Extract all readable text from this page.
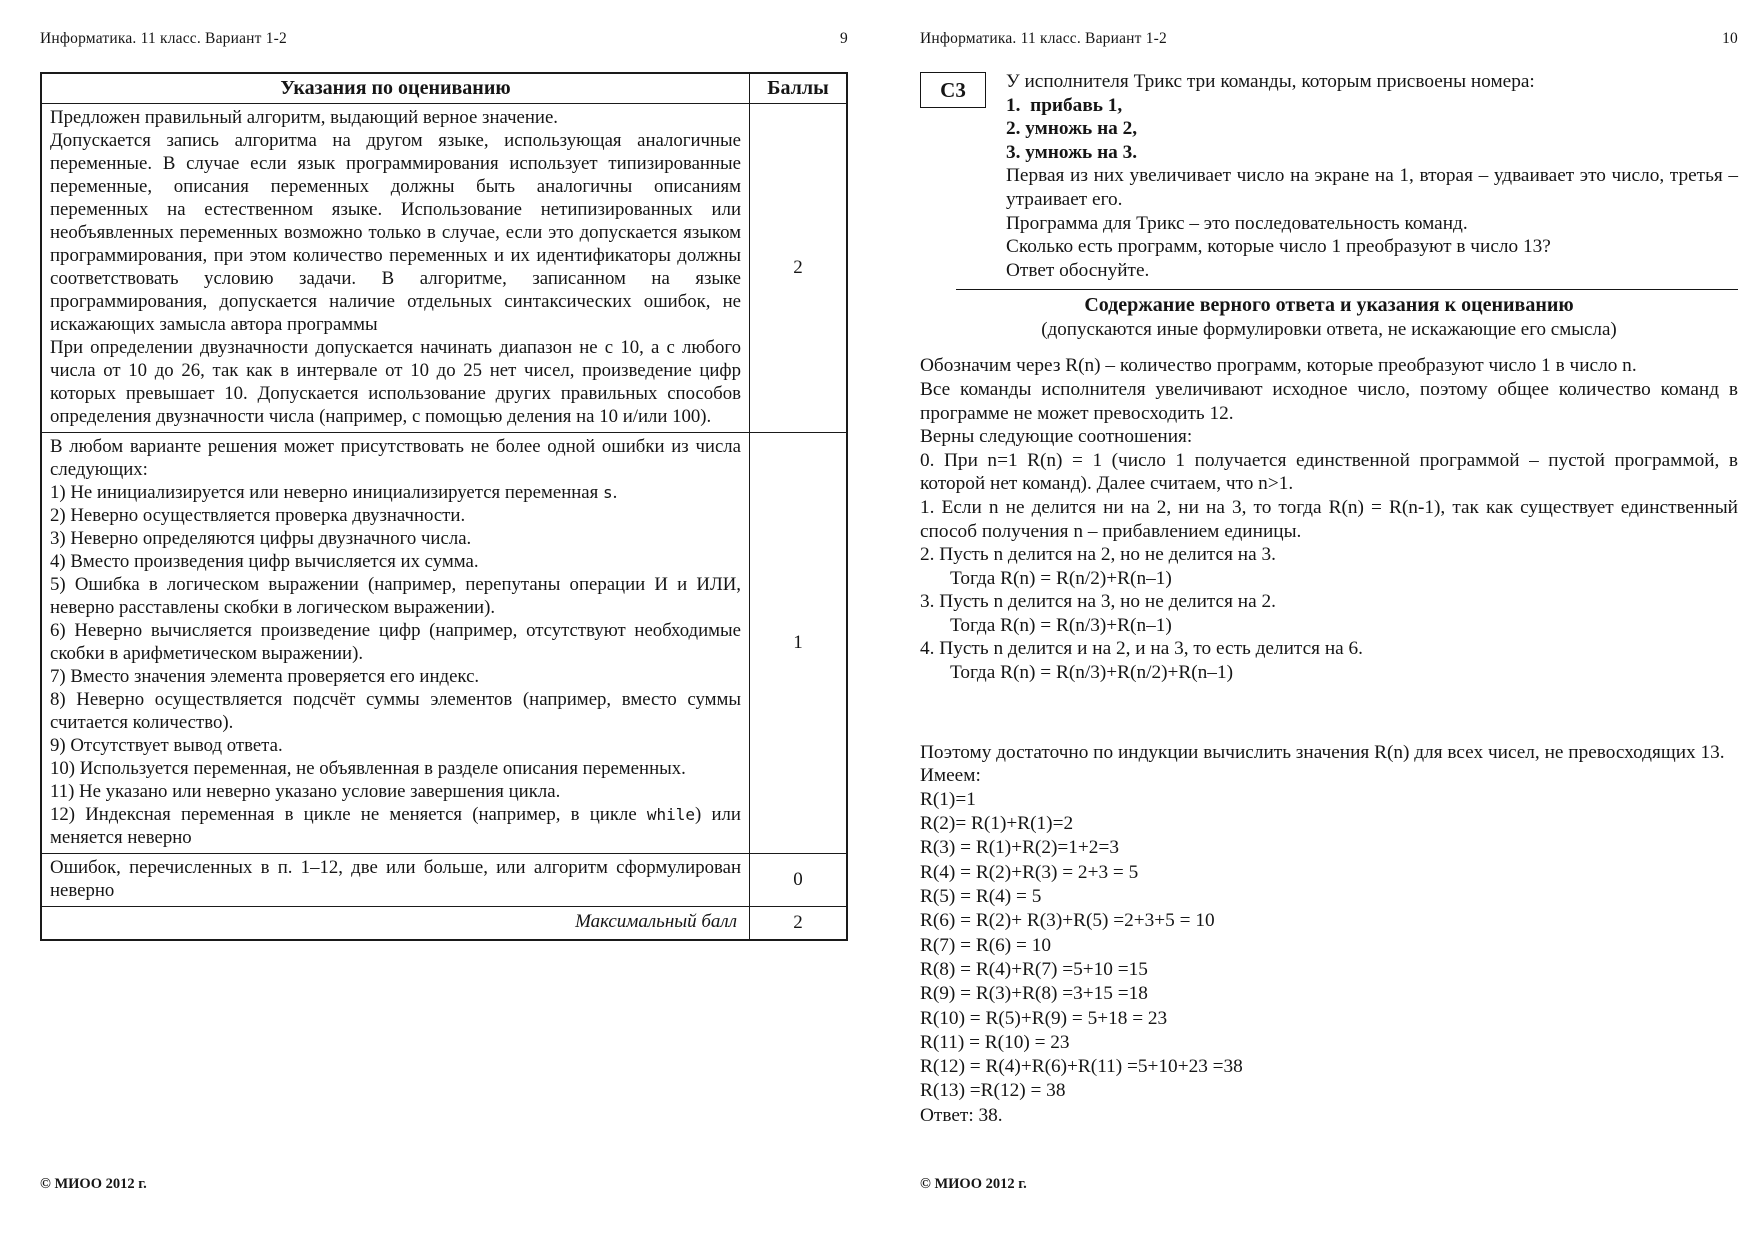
Информатика. 11 класс. Вариант 1-2	9
Указания по оцениванию	Баллы

Предложен правильный алгоритм, выдающий верное значение.

Допускается запись алгоритма на другом языке, использующая аналогичные переменные. В случае если язык программирования использует типизированные переменные, описания переменных должны быть аналогичны описаниям переменных на естественном языке. Использование нетипизированных или необъявленных переменных возможно только в случае, если это допускается языком программирования, при этом количество переменных и их идентификаторы должны соответствовать условию задачи. В алгоритме, записанном на языке программирования, допускается наличие отдельных синтаксических ошибок, не искажающих замысла автора программы

При определении двузначности допускается начинать диапазон не с 10, а с любого числа от 10 до 26, так как в интервале от 10 до 25 нет чисел, произведение цифр которых превышает 10. Допускается использование других правильных способов определения двузначности числа (например, с помощью деления на 10 и/или 100).	2

В любом варианте решения может присутствовать не более одной ошибки из числа следующих:

1) Не инициализируется или неверно инициализируется переменная s.

2) Неверно осуществляется проверка двузначности.

3) Неверно определяются цифры двузначного числа.

4) Вместо произведения цифр вычисляется их сумма.

5) Ошибка в логическом выражении (например, перепутаны операции И и ИЛИ, неверно расставлены скобки в логическом выражении).

6) Неверно вычисляется произведение цифр (например, отсутствуют необходимые скобки в арифметическом выражении).

7) Вместо значения элемента проверяется его индекс.

8) Неверно осуществляется подсчёт суммы элементов (например, вместо суммы считается количество).

9) Отсутствует вывод ответа.

10) Используется переменная, не объявленная в разделе описания переменных.

11) Не указано или неверно указано условие завершения цикла.

12) Индексная переменная в цикле не меняется (например, в цикле while) или меняется неверно

	1

Ошибок, перечисленных в п. 1–12, две или больше, или алгоритм сформулирован неверно	0
Максимальный балл	2
© МИОО 2012 г.
Информатика. 11 класс. Вариант 1-2	10
С3	У исполнителя Трикс три команды, которым присвоены номера:

1.  прибавь 1,

2. умножь на 2,

3. умножь на 3.

Первая из них увеличивает число на экране на 1, вторая – удваивает это число, третья – утраивает его.

Программа для Трикс – это последовательность команд.

Сколько есть программ, которые число 1 преобразуют в число 13?

Ответ обоснуйте.

Содержание верного ответа и указания к оцениванию
(допускаются иные формулировки ответа, не искажающие его смысла)

Обозначим через R(n) – количество программ, которые преобразуют число 1 в число n.

Все команды исполнителя увеличивают исходное число, поэтому общее количество команд в программе не может превосходить 12.

Верны следующие соотношения:

0. При n=1 R(n) = 1 (число 1 получается единственной программой – пустой программой, в которой нет команд). Далее считаем, что n>1.

1. Если n не делится ни на 2, ни на 3, то тогда R(n) = R(n-1), так как существует единственный способ получения n – прибавлением единицы.

2. Пусть n делится на 2, но не делится на 3.

Тогда R(n) = R(n/2)+R(n–1)

3. Пусть n делится на 3, но не делится на 2.

Тогда R(n) = R(n/3)+R(n–1)

4. Пусть n делится и на 2, и на 3, то есть делится на 6.

Тогда R(n) = R(n/3)+R(n/2)+R(n–1)

Поэтому достаточно по индукции вычислить значения R(n) для всех чисел, не превосходящих 13.

Имеем:

R(1)=1
R(2)= R(1)+R(1)=2
R(3) = R(1)+R(2)=1+2=3
R(4) = R(2)+R(3) = 2+3 = 5
R(5) = R(4) = 5
R(6) = R(2)+ R(3)+R(5) =2+3+5 = 10
R(7) = R(6) = 10
R(8) = R(4)+R(7) =5+10 =15
R(9) = R(3)+R(8) =3+15 =18
R(10) = R(5)+R(9) = 5+18 = 23
R(11) = R(10) = 23
R(12) = R(4)+R(6)+R(11) =5+10+23 =38
R(13) =R(12) = 38

Ответ: 38.

© МИОО 2012 г.
